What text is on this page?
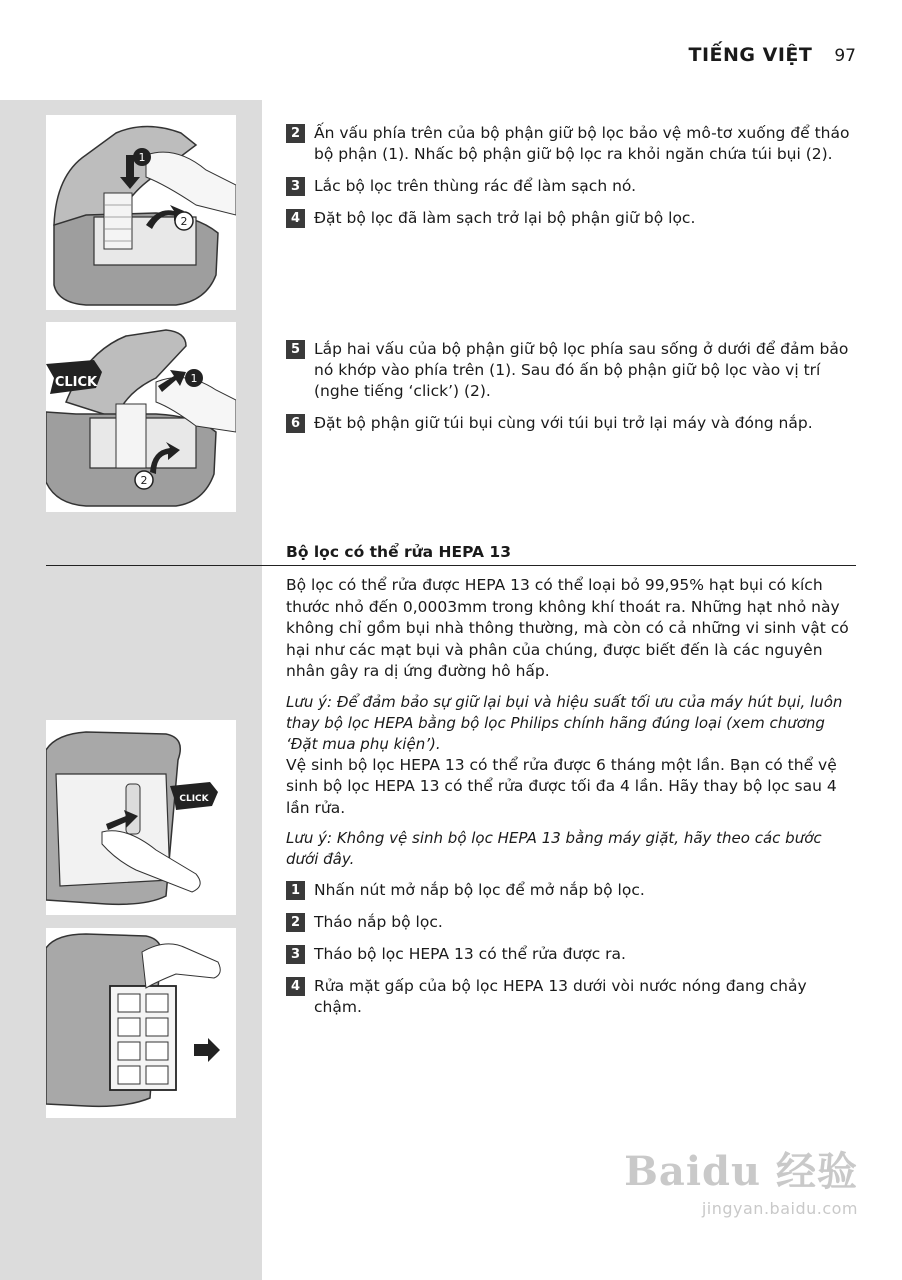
TIẾNG VIỆT 97
1
2
CLICK	1
2
CLICK
2 Ấn vấu phía trên của bộ phận giữ bộ lọc bảo vệ mô-tơ xuống để tháo bộ phận (1). Nhấc bộ phận giữ bộ lọc ra khỏi ngăn chứa túi bụi (2).
3 Lắc bộ lọc trên thùng rác để làm sạch nó.
4 Đặt bộ lọc đã làm sạch trở lại bộ phận giữ bộ lọc.
5 Lắp hai vấu của bộ phận giữ bộ lọc phía sau sống ở dưới để đảm bảo nó khớp vào phía trên (1). Sau đó ấn bộ phận giữ bộ lọc vào vị trí (nghe tiếng ‘click’) (2).
6 Đặt bộ phận giữ túi bụi cùng với túi bụi trở lại máy và đóng nắp.
Bộ lọc có thể rửa HEPA 13

Bộ lọc có thể rửa được HEPA 13 có thể loại bỏ 99,95% hạt bụi có kích thước nhỏ đến 0,0003mm trong không khí thoát ra. Những hạt nhỏ này không chỉ gồm bụi nhà thông thường, mà còn có cả những vi sinh vật có hại như các mạt bụi và phân của chúng, được biết đến là các nguyên nhân gây ra dị ứng đường hô hấp.

Lưu ý: Để đảm bảo sự giữ lại bụi và hiệu suất tối ưu của máy hút bụi, luôn thay bộ lọc HEPA bằng bộ lọc Philips chính hãng đúng loại (xem chương ‘Đặt mua phụ kiện’).

Vệ sinh bộ lọc HEPA 13 có thể rửa được 6 tháng một lần. Bạn có thể vệ sinh bộ lọc HEPA 13 có thể rửa được tối đa 4 lần. Hãy thay bộ lọc sau 4 lần rửa.

Lưu ý: Không vệ sinh bộ lọc HEPA 13 bằng máy giặt, hãy theo các bước dưới đây.

1 Nhấn nút mở nắp bộ lọc để mở nắp bộ lọc.
2 Tháo nắp bộ lọc.
3 Tháo bộ lọc HEPA 13 có thể rửa được ra.
4 Rửa mặt gấp của bộ lọc HEPA 13 dưới vòi nước nóng đang chảy chậm.
Baidu 经验
jingyan.baidu.com
